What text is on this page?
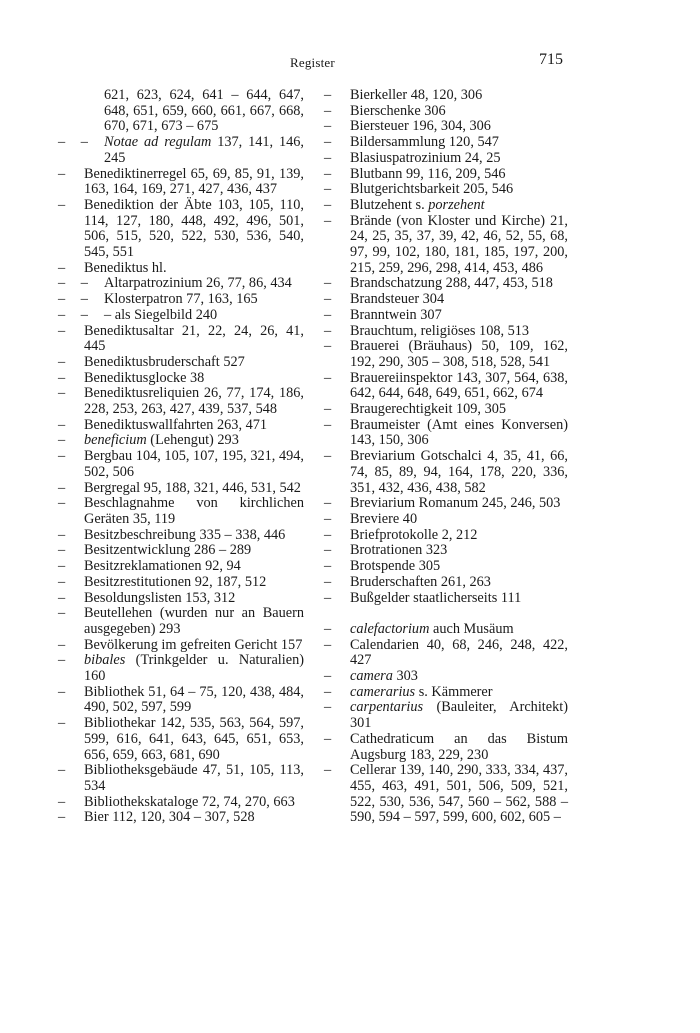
Register	715
621, 623, 624, 641 – 644, 647, 648, 651, 659, 660, 661, 667, 668, 670, 671, 673 – 675
– – Notae ad regulam 137, 141, 146, 245
– Benediktinerregel 65, 69, 85, 91, 139, 163, 164, 169, 271, 427, 436, 437
– Benediktion der Äbte 103, 105, 110, 114, 127, 180, 448, 492, 496, 501, 506, 515, 520, 522, 530, 536, 540, 545, 551
– Benediktus hl.
– – Altarpatrozinium 26, 77, 86, 434
– – Klosterpatron 77, 163, 165
– – – als Siegelbild 240
– Benediktusaltar 21, 22, 24, 26, 41, 445
– Benediktusbruderschaft 527
– Benediktusglocke 38
– Benediktusreliquien 26, 77, 174, 186, 228, 253, 263, 427, 439, 537, 548
– Benediktuswallfahrten 263, 471
– beneficium (Lehengut) 293
– Bergbau 104, 105, 107, 195, 321, 494, 502, 506
– Bergregal 95, 188, 321, 446, 531, 542
– Beschlagnahme von kirchlichen Geräten 35, 119
– Besitzbeschreibung 335 – 338, 446
– Besitzentwicklung 286 – 289
– Besitzreklamationen 92, 94
– Besitzrestitutionen 92, 187, 512
– Besoldungslisten 153, 312
– Beutellehen (wurden nur an Bauern ausgegeben) 293
– Bevölkerung im gefreiten Gericht 157
– bibales (Trinkgelder u. Naturalien) 160
– Bibliothek 51, 64 – 75, 120, 438, 484, 490, 502, 597, 599
– Bibliothekar 142, 535, 563, 564, 597, 599, 616, 641, 643, 645, 651, 653, 656, 659, 663, 681, 690
– Bibliotheksgebäude 47, 51, 105, 113, 534
– Bibliothekskataloge 72, 74, 270, 663
– Bier 112, 120, 304 – 307, 528
– Bierkeller 48, 120, 306
– Bierschenke 306
– Biersteuer 196, 304, 306
– Bildersammlung 120, 547
– Blasiuspatrozinium 24, 25
– Blutbann 99, 116, 209, 546
– Blutgerichtsbarkeit 205, 546
– Blutzehent s. porzehent
– Brände (von Kloster und Kirche) 21, 24, 25, 35, 37, 39, 42, 46, 52, 55, 68, 97, 99, 102, 180, 181, 185, 197, 200, 215, 259, 296, 298, 414, 453, 486
– Brandschatzung 288, 447, 453, 518
– Brandsteuer 304
– Branntwein 307
– Brauchtum, religiöses 108, 513
– Brauerei (Bräuhaus) 50, 109, 162, 192, 290, 305 – 308, 518, 528, 541
– Brauereiinspektor 143, 307, 564, 638, 642, 644, 648, 649, 651, 662, 674
– Braugerechtigkeit 109, 305
– Braumeister (Amt eines Konversen) 143, 150, 306
– Breviarium Gotschalci 4, 35, 41, 66, 74, 85, 89, 94, 164, 178, 220, 336, 351, 432, 436, 438, 582
– Breviarium Romanum 245, 246, 503
– Breviere 40
– Briefprotokolle 2, 212
– Brotrationen 323
– Brotspende 305
– Bruderschaften 261, 263
– Bußgelder staatlicherseits 111
– calefactorium auch Musäum
– Calendarien 40, 68, 246, 248, 422, 427
– camera 303
– camerarius s. Kämmerer
– carpentarius (Bauleiter, Architekt) 301
– Cathedraticum an das Bistum Augsburg 183, 229, 230
– Cellerar 139, 140, 290, 333, 334, 437, 455, 463, 491, 501, 506, 509, 521, 522, 530, 536, 547, 560 – 562, 588 – 590, 594 – 597, 599, 600, 602, 605 –
